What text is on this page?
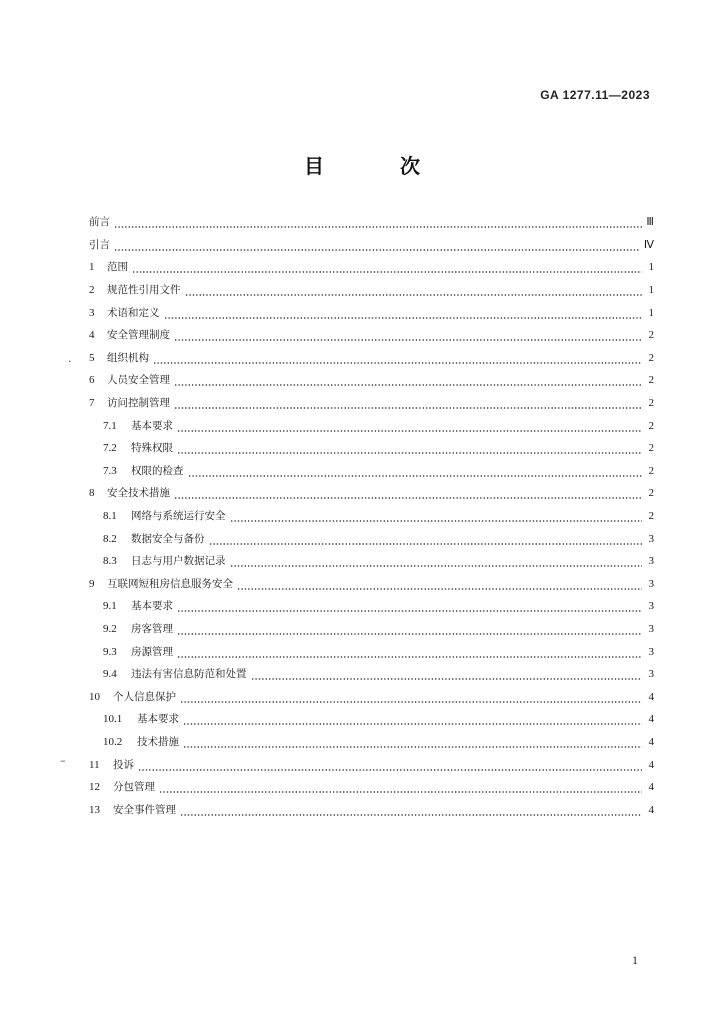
GA 1277.11—2023
目　次
.
–
前言	Ⅲ
引言	Ⅳ
1	范围	1
2	规范性引用文件	1
3	术语和定义	1
4	安全管理制度	2
5	组织机构	2
6	人员安全管理	2
7	访问控制管理	2
7.1	基本要求	2
7.2	特殊权限	2
7.3	权限的检查	2
8	安全技术措施	2
8.1	网络与系统运行安全	2
8.2	数据安全与备份	3
8.3	日志与用户数据记录	3
9	互联网短租房信息服务安全	3
9.1	基本要求	3
9.2	房客管理	3
9.3	房源管理	3
9.4	违法有害信息防范和处置	3
10	个人信息保护	4
10.1	基本要求	4
10.2	技术措施	4
11	投诉	4
12	分包管理	4
13	安全事件管理	4
1
